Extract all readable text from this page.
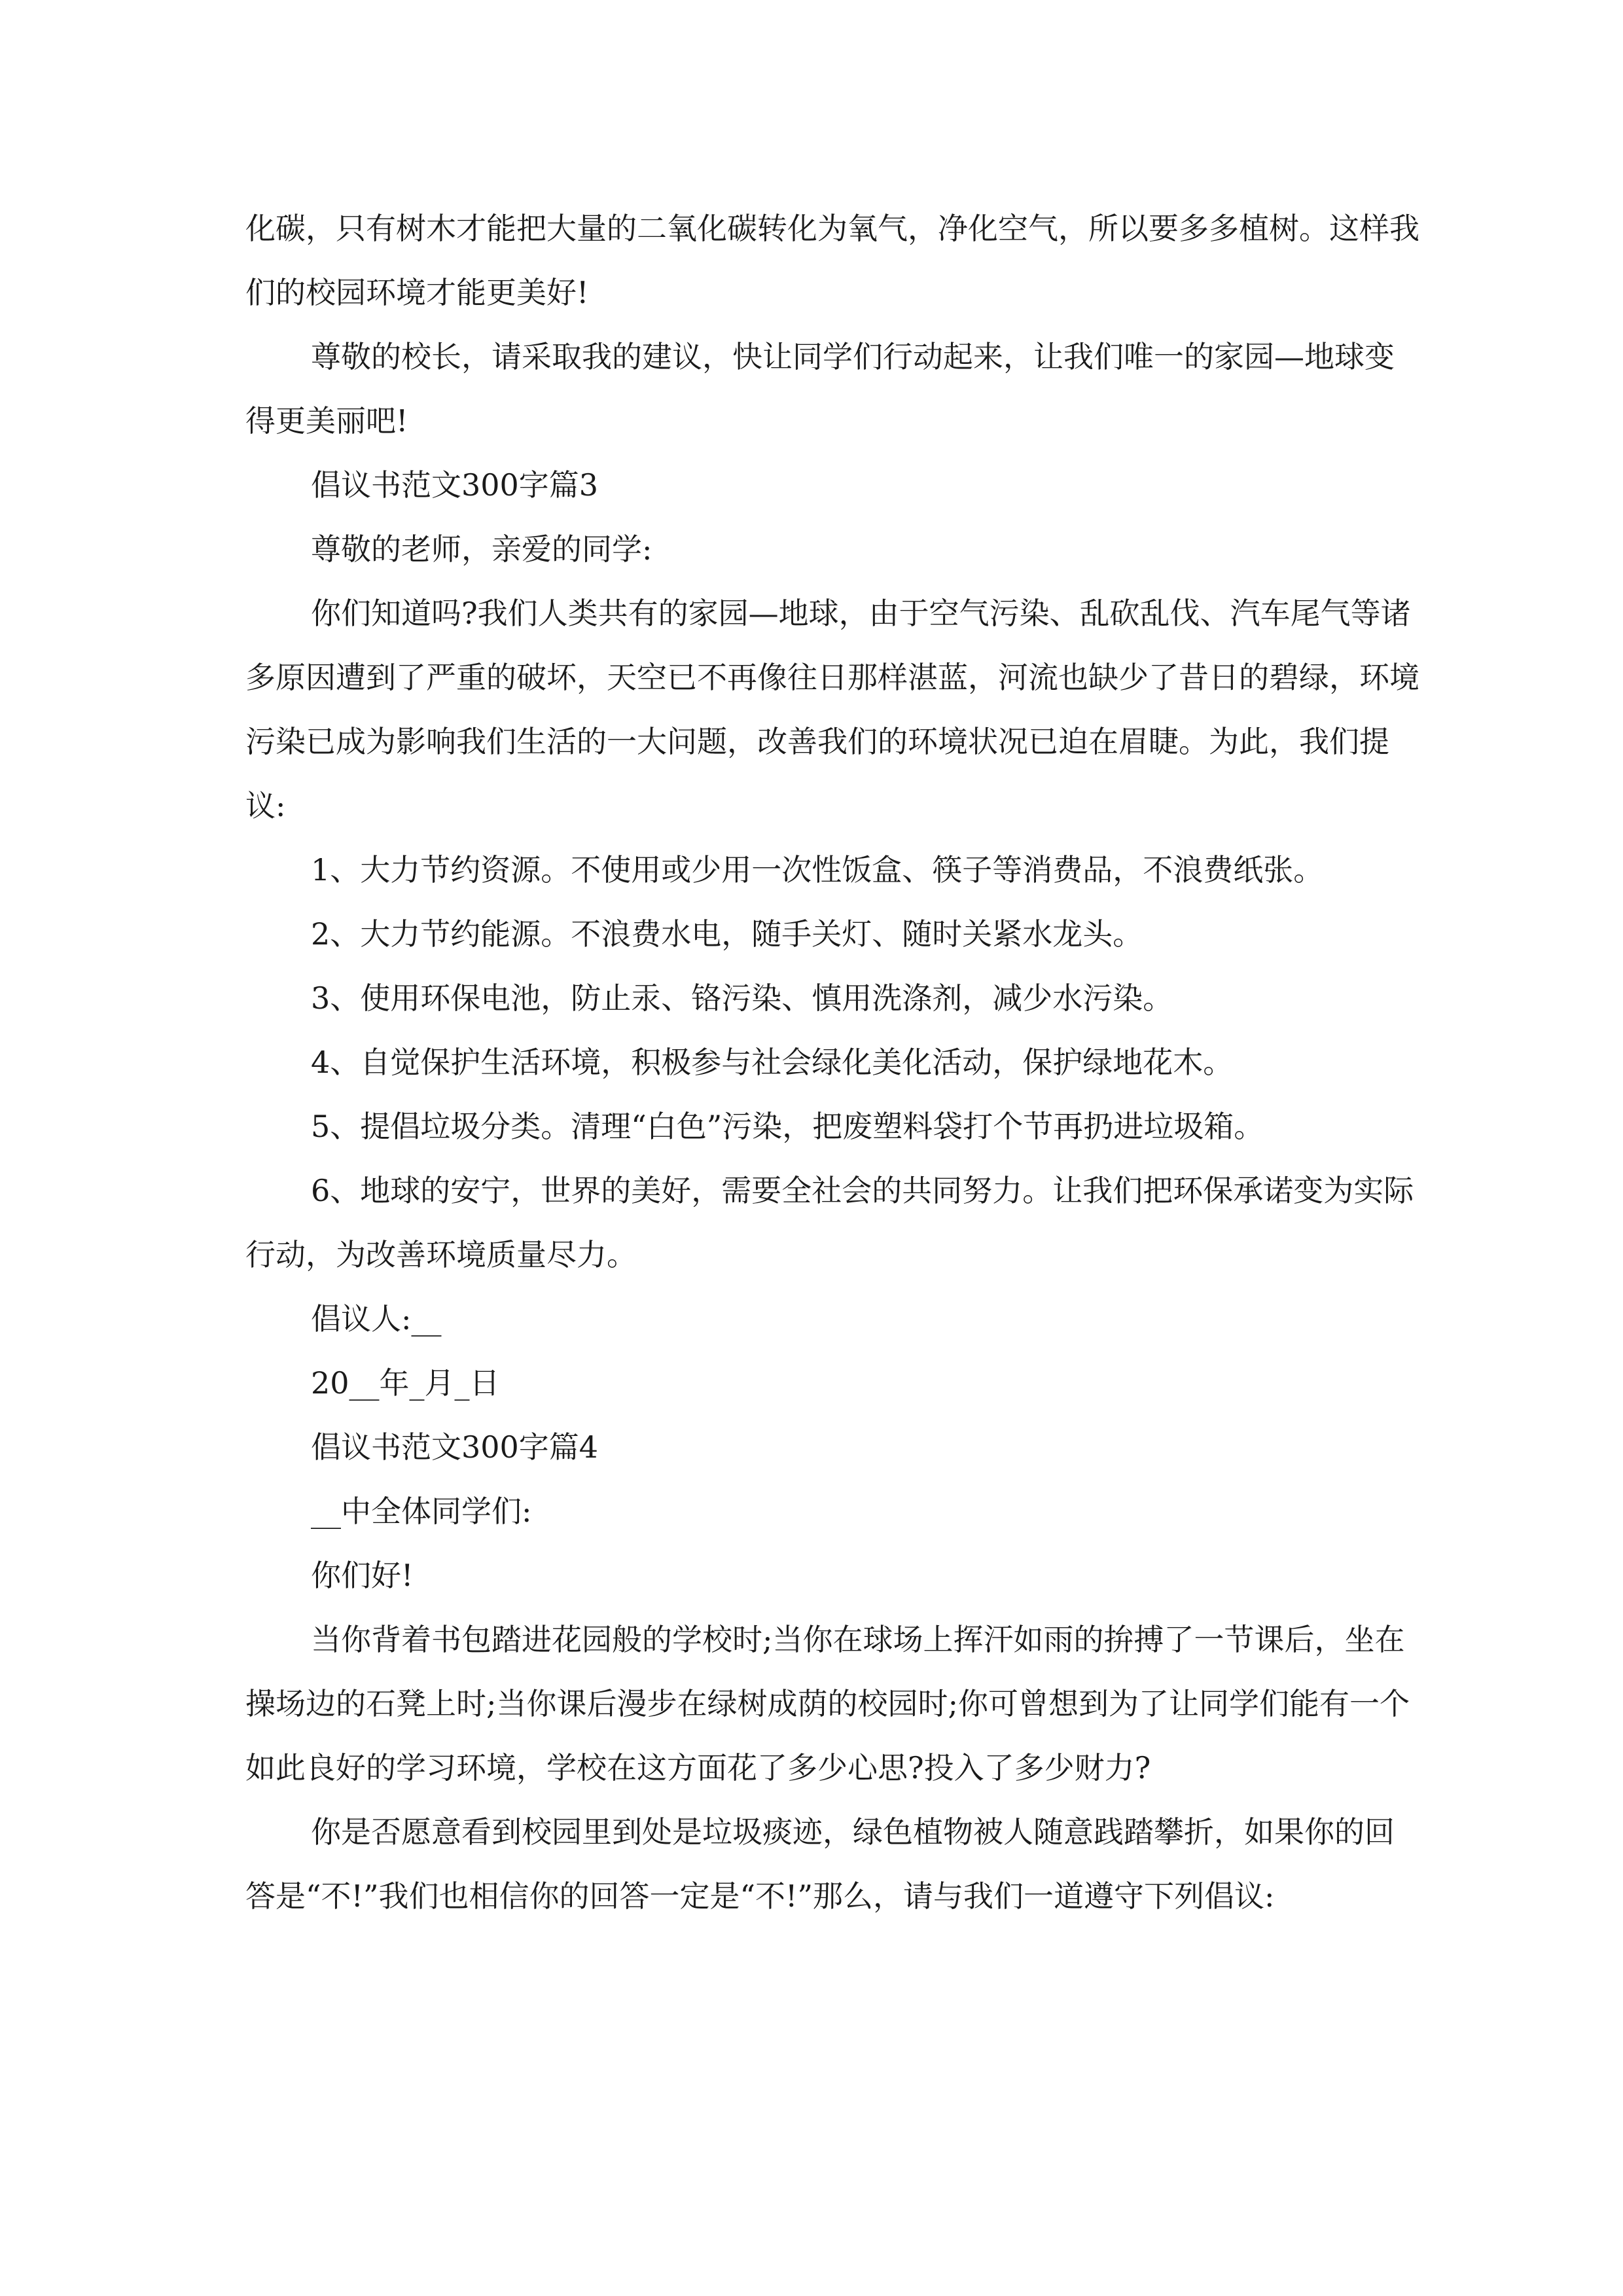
化碳，只有树木才能把大量的二氧化碳转化为氧气，净化空气，所以要多多植树。这样我们的校园环境才能更美好!

尊敬的校长，请采取我的建议，快让同学们行动起来，让我们唯一的家园—地球变得更美丽吧!

倡议书范文300字篇3

尊敬的老师，亲爱的同学:

你们知道吗?我们人类共有的家园—地球，由于空气污染、乱砍乱伐、汽车尾气等诸多原因遭到了严重的破坏，天空已不再像往日那样湛蓝，河流也缺少了昔日的碧绿，环境污染已成为影响我们生活的一大问题，改善我们的环境状况已迫在眉睫。为此，我们提议:

1、大力节约资源。不使用或少用一次性饭盒、筷子等消费品，不浪费纸张。

2、大力节约能源。不浪费水电，随手关灯、随时关紧水龙头。

3、使用环保电池，防止汞、铬污染、慎用洗涤剂，减少水污染。

4、自觉保护生活环境，积极参与社会绿化美化活动，保护绿地花木。

5、提倡垃圾分类。清理“白色”污染，把废塑料袋打个节再扔进垃圾箱。

6、地球的安宁，世界的美好，需要全社会的共同努力。让我们把环保承诺变为实际行动，为改善环境质量尽力。

倡议人:__

20__年_月_日

倡议书范文300字篇4

__中全体同学们:

你们好!

当你背着书包踏进花园般的学校时;当你在球场上挥汗如雨的拚搏了一节课后，坐在操场边的石凳上时;当你课后漫步在绿树成荫的校园时;你可曾想到为了让同学们能有一个如此良好的学习环境，学校在这方面花了多少心思?投入了多少财力?

你是否愿意看到校园里到处是垃圾痰迹，绿色植物被人随意践踏攀折，如果你的回答是“不!”我们也相信你的回答一定是“不!”那么，请与我们一道遵守下列倡议:
